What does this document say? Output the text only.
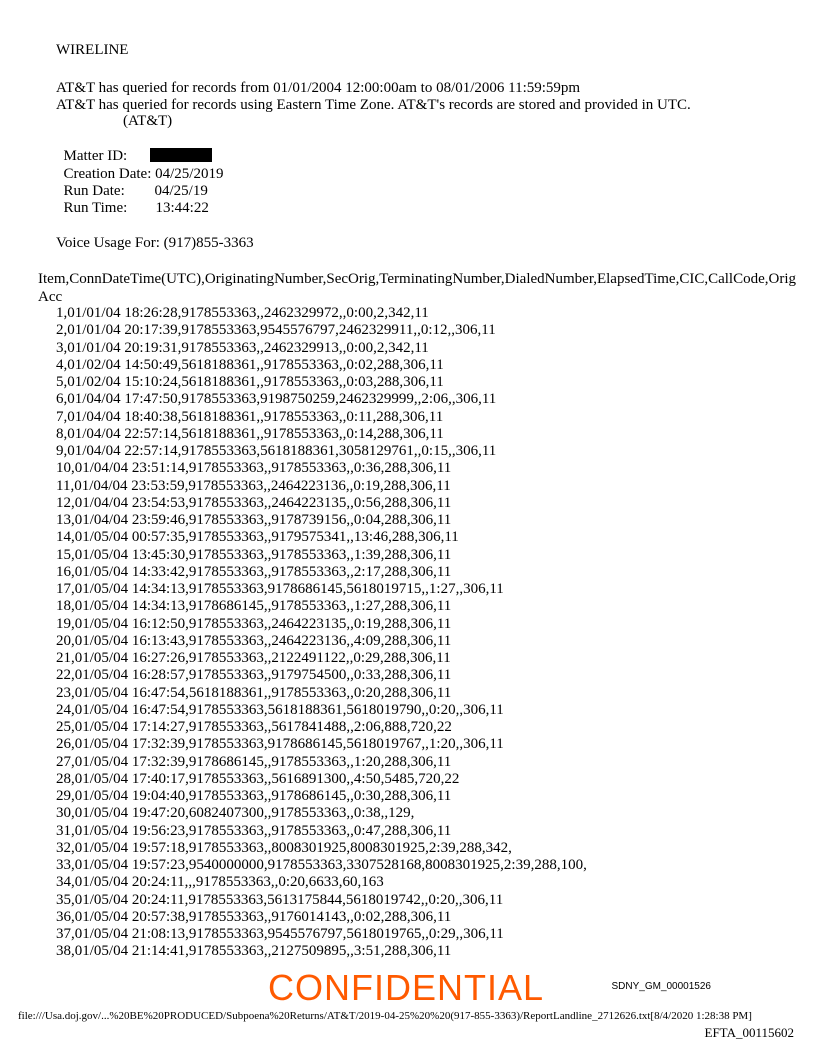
WIRELINE
AT&T has queried for records from 01/01/2004 12:00:00am to 08/01/2006 11:59:59pm
AT&T has queried for records using Eastern Time Zone. AT&T's records are stored and provided in UTC.
(AT&T)

Matter ID:

Creation Date: 04/25/2019

Run Date: 04/25/19

Run Time: 13:44:22

Voice Usage For: (917)855-3363
Item,ConnDateTime(UTC),OriginatingNumber,SecOrig,TerminatingNumber,DialedNumber,ElapsedTime,CIC,CallCode,OrigAcc
1,01/01/04 18:26:28,9178553363,,2462329972,,0:00,2,342,11
2,01/01/04 20:17:39,9178553363,9545576797,2462329911,,0:12,,306,11
3,01/01/04 20:19:31,9178553363,,2462329913,,0:00,2,342,11
4,01/02/04 14:50:49,5618188361,,9178553363,,0:02,288,306,11
5,01/02/04 15:10:24,5618188361,,9178553363,,0:03,288,306,11
6,01/04/04 17:47:50,9178553363,9198750259,2462329999,,2:06,,306,11
7,01/04/04 18:40:38,5618188361,,9178553363,,0:11,288,306,11
8,01/04/04 22:57:14,5618188361,,9178553363,,0:14,288,306,11
9,01/04/04 22:57:14,9178553363,5618188361,3058129761,,0:15,,306,11
10,01/04/04 23:51:14,9178553363,,9178553363,,0:36,288,306,11
11,01/04/04 23:53:59,9178553363,,2464223136,,0:19,288,306,11
12,01/04/04 23:54:53,9178553363,,2464223135,,0:56,288,306,11
13,01/04/04 23:59:46,9178553363,,9178739156,,0:04,288,306,11
14,01/05/04 00:57:35,9178553363,,9179575341,,13:46,288,306,11
15,01/05/04 13:45:30,9178553363,,9178553363,,1:39,288,306,11
16,01/05/04 14:33:42,9178553363,,9178553363,,2:17,288,306,11
17,01/05/04 14:34:13,9178553363,9178686145,5618019715,,1:27,,306,11
18,01/05/04 14:34:13,9178686145,,9178553363,,1:27,288,306,11
19,01/05/04 16:12:50,9178553363,,2464223135,,0:19,288,306,11
20,01/05/04 16:13:43,9178553363,,2464223136,,4:09,288,306,11
21,01/05/04 16:27:26,9178553363,,2122491122,,0:29,288,306,11
22,01/05/04 16:28:57,9178553363,,9179754500,,0:33,288,306,11
23,01/05/04 16:47:54,5618188361,,9178553363,,0:20,288,306,11
24,01/05/04 16:47:54,9178553363,5618188361,5618019790,,0:20,,306,11
25,01/05/04 17:14:27,9178553363,,5617841488,,2:06,888,720,22
26,01/05/04 17:32:39,9178553363,9178686145,5618019767,,1:20,,306,11
27,01/05/04 17:32:39,9178686145,,9178553363,,1:20,288,306,11
28,01/05/04 17:40:17,9178553363,,5616891300,,4:50,5485,720,22
29,01/05/04 19:04:40,9178553363,,9178686145,,0:30,288,306,11
30,01/05/04 19:47:20,6082407300,,9178553363,,0:38,,129,
31,01/05/04 19:56:23,9178553363,,9178553363,,0:47,288,306,11
32,01/05/04 19:57:18,9178553363,,8008301925,8008301925,2:39,288,342,
33,01/05/04 19:57:23,9540000000,9178553363,3307528168,8008301925,2:39,288,100,
34,01/05/04 20:24:11,,,9178553363,,0:20,6633,60,163
35,01/05/04 20:24:11,9178553363,5613175844,5618019742,,0:20,,306,11
36,01/05/04 20:57:38,9178553363,,9176014143,,0:02,288,306,11
37,01/05/04 21:08:13,9178553363,9545576797,5618019765,,0:29,,306,11
38,01/05/04 21:14:41,9178553363,,2127509895,,3:51,288,306,11
SDNY_GM_00001526
CONFIDENTIAL
file:///Usa.doj.gov/...%20BE%20PRODUCED/Subpoena%20Returns/AT&T/2019-04-25%20%20(917-855-3363)/ReportLandline_2712626.txt[8/4/2020 1:28:38 PM]
EFTA_00115602
